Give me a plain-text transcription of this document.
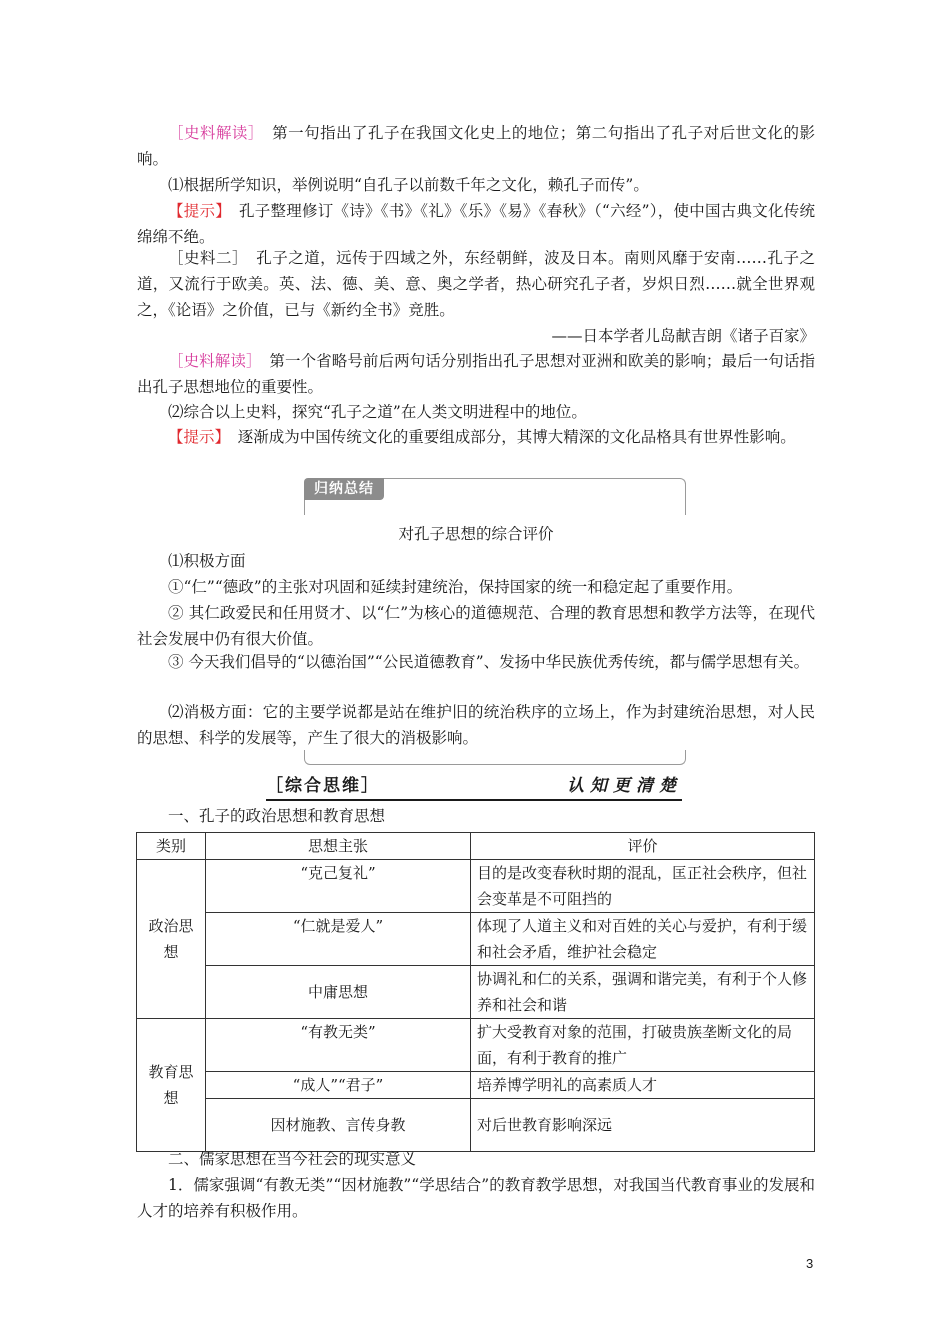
［史料解读］　第一句指出了孔子在我国文化史上的地位；第二句指出了孔子对后世文化的影响。

⑴根据所学知识，举例说明“自孔子以前数千年之文化，赖孔子而传”。

【提示】　孔子整理修订《诗》《书》《礼》《乐》《易》《春秋》（“六经”），使中国古典文化传统绵绵不绝。

［史料二］　孔子之道，远传于四域之外，东经朝鲜，波及日本。南则风靡于安南……孔子之道，又流行于欧美。英、法、德、美、意、奥之学者，热心研究孔子者，岁炽日烈……就全世界观之，《论语》之价值，已与《新约全书》竞胜。

——日本学者儿岛献吉朗《诸子百家》

［史料解读］　第一个省略号前后两句话分别指出孔子思想对亚洲和欧美的影响；最后一句话指出孔子思想地位的重要性。

⑵综合以上史料，探究“孔子之道”在人类文明进程中的地位。

【提示】　逐渐成为中国传统文化的重要组成部分，其博大精深的文化品格具有世界性影响。

归纳总结

对孔子思想的综合评价

⑴积极方面

①“仁”“德政”的主张对巩固和延续封建统治，保持国家的统一和稳定起了重要作用。

② 其仁政爱民和任用贤才、以“仁”为核心的道德规范、合理的教育思想和教学方法等，在现代社会发展中仍有很大价值。

③ 今天我们倡导的“以德治国”“公民道德教育”、发扬中华民族优秀传统，都与儒学思想有关。

⑵消极方面：它的主要学说都是站在维护旧的统治秩序的立场上，作为封建统治思想，对人民的思想、科学的发展等，产生了很大的消极影响。

［综合思维］	认知更清楚

一、孔子的政治思想和教育思想

类别	思想主张	评价
政治思想	“克己复礼”	目的是改变春秋时期的混乱，匡正社会秩序，但社会变革是不可阻挡的
	“仁就是爱人”	体现了人道主义和对百姓的关心与爱护，有利于缓和社会矛盾，维护社会稳定
	中庸思想	协调礼和仁的关系，强调和谐完美，有利于个人修养和社会和谐
教育思想	“有教无类”	扩大受教育对象的范围，打破贵族垄断文化的局面，有利于教育的推广
	“成人”“君子”	培养博学明礼的高素质人才
	因材施教、言传身教	对后世教育影响深远

二、儒家思想在当今社会的现实意义

1．儒家强调“有教无类”“因材施教”“学思结合”的教育教学思想，对我国当代教育事业的发展和人才的培养有积极作用。

3
